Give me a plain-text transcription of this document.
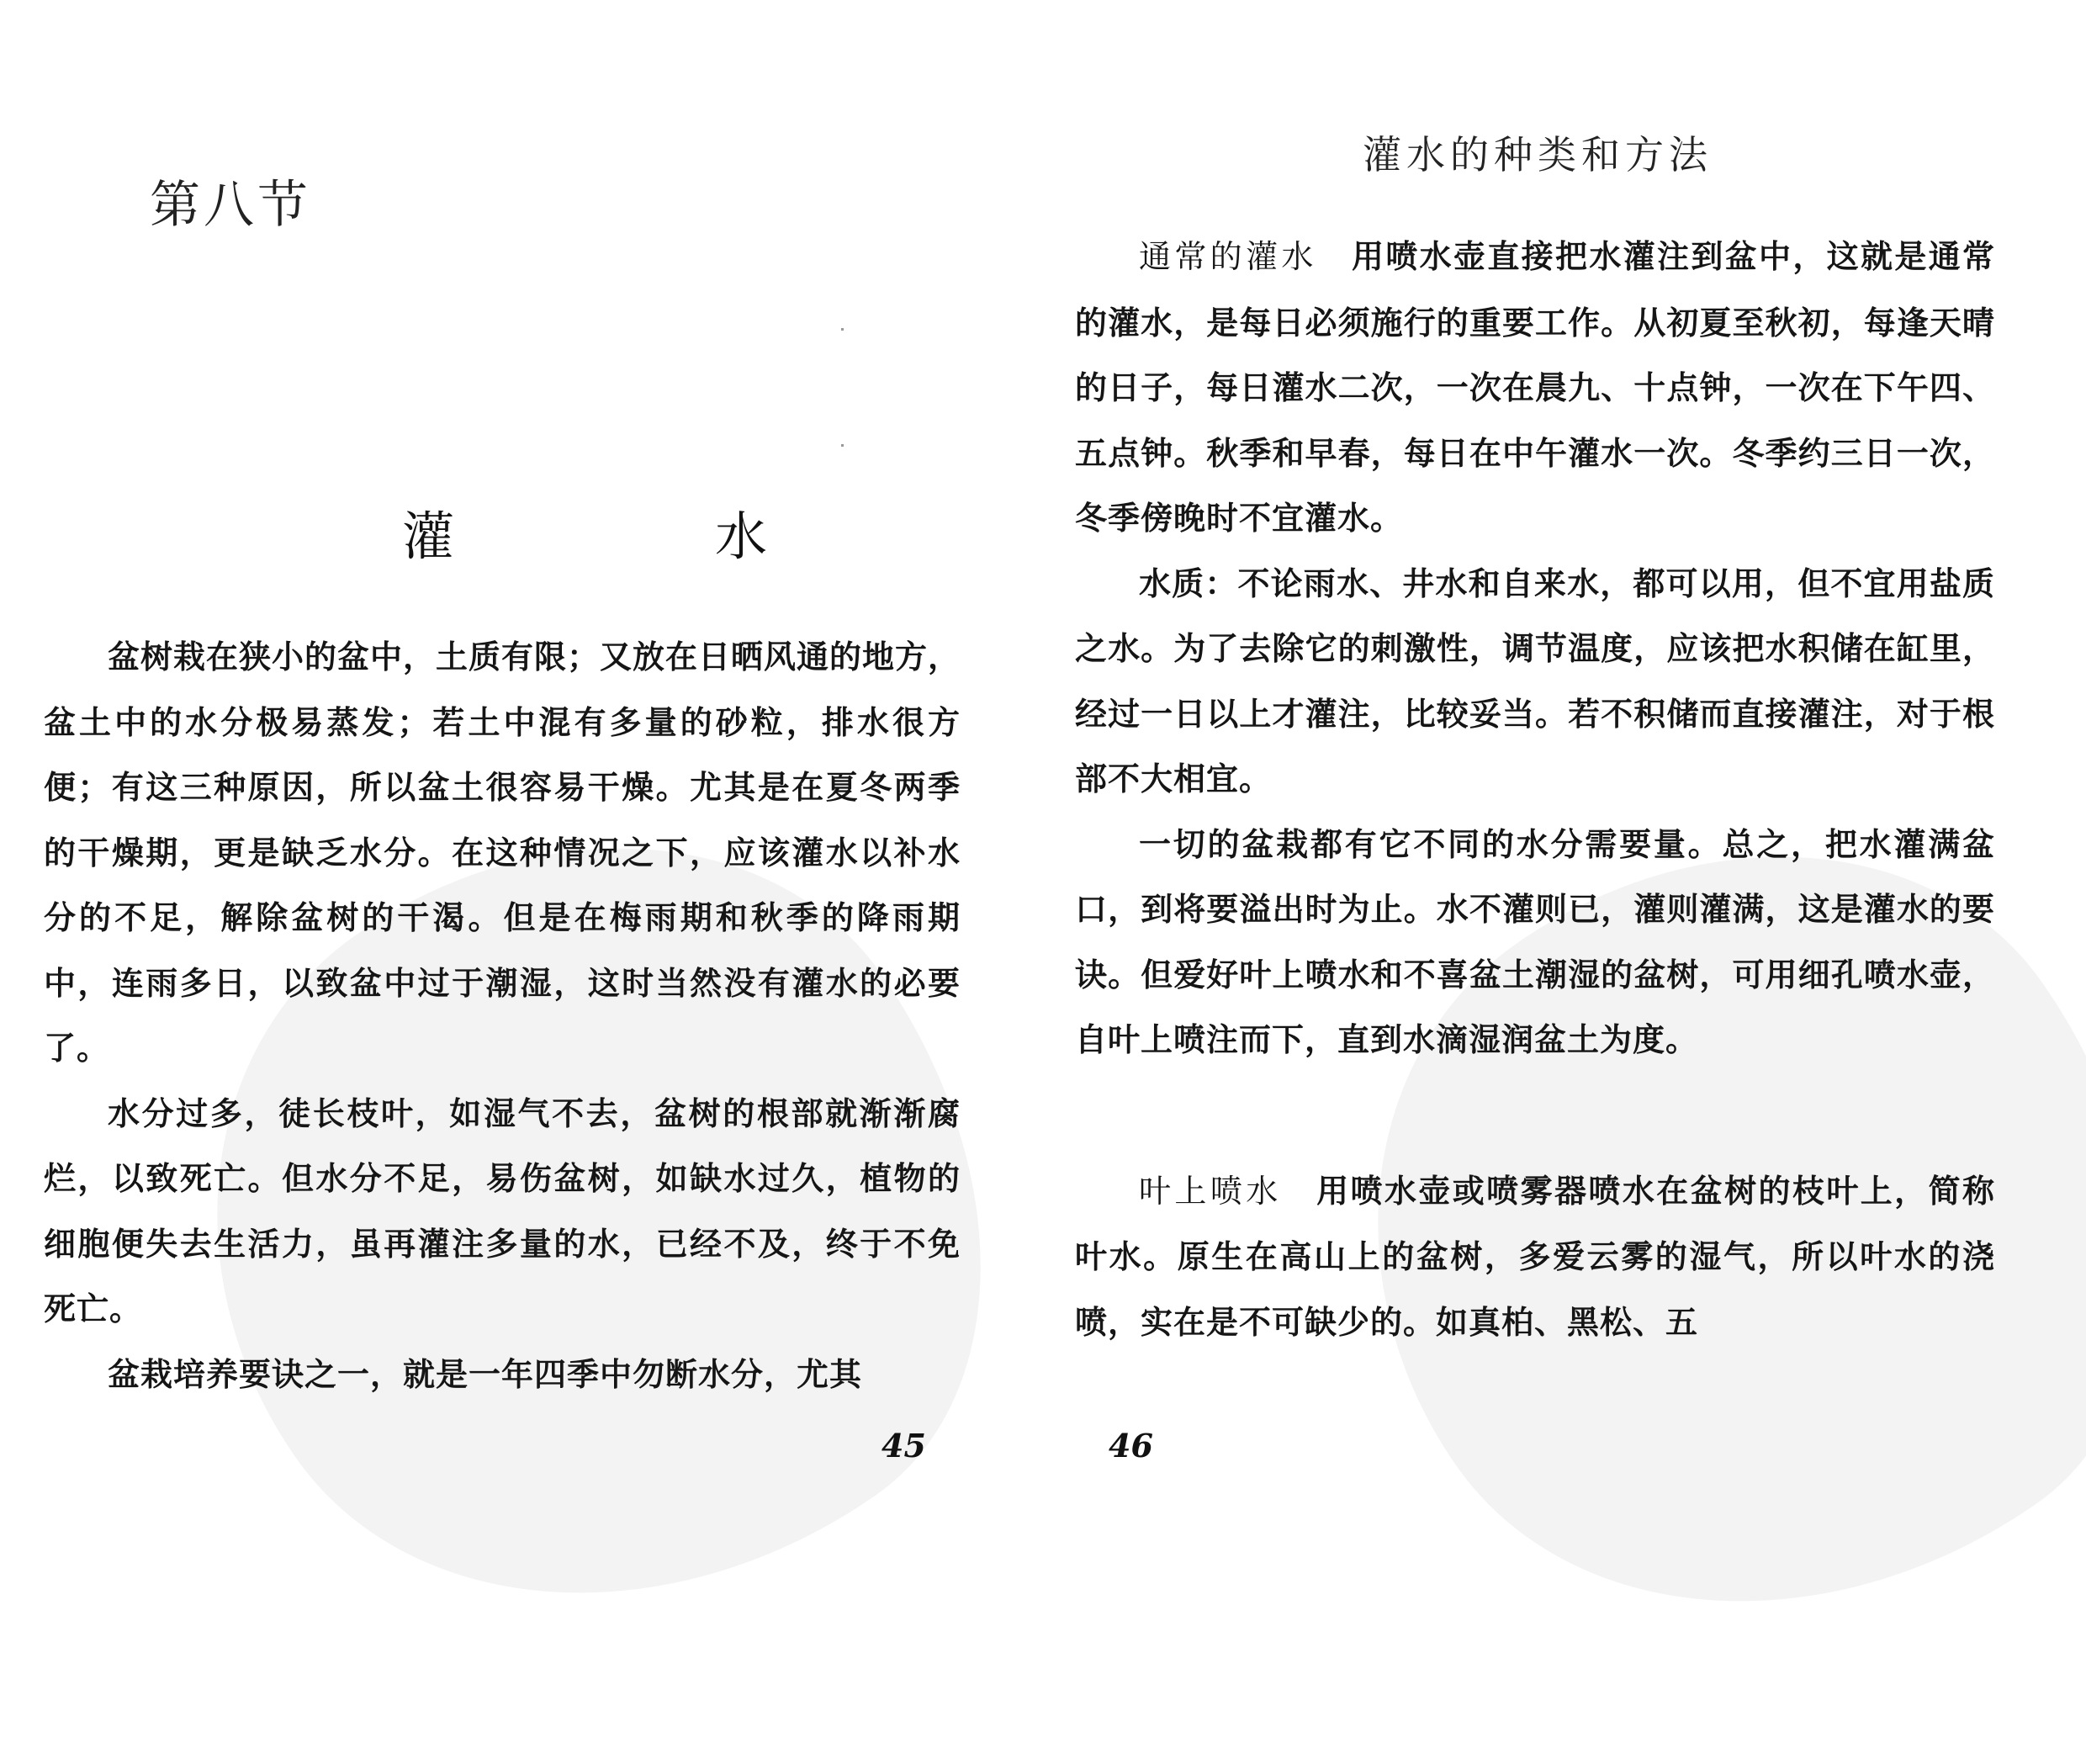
第八节
灌　水

盆树栽在狭小的盆中，土质有限；又放在日晒风通的地方，盆土中的水分极易蒸发；若土中混有多量的砂粒，排水很方便；有这三种原因，所以盆土很容易干燥。尤其是在夏冬两季的干燥期，更是缺乏水分。在这种情况之下，应该灌水以补水分的不足，解除盆树的干渴。但是在梅雨期和秋季的降雨期中，连雨多日，以致盆中过于潮湿，这时当然没有灌水的必要了。

水分过多，徒长枝叶，如湿气不去，盆树的根部就渐渐腐烂，以致死亡。但水分不足，易伤盆树，如缺水过久，植物的细胞便失去生活力，虽再灌注多量的水，已经不及，终于不免死亡。

盆栽培养要诀之一，就是一年四季中勿断水分，尤其

45
灌水的种类和方法

通常的灌水 用喷水壶直接把水灌注到盆中，这就是通常的灌水，是每日必须施行的重要工作。从初夏至秋初，每逢天晴的日子，每日灌水二次，一次在晨九、十点钟，一次在下午四、五点钟。秋季和早春，每日在中午灌水一次。冬季约三日一次，冬季傍晚时不宜灌水。

水质：不论雨水、井水和自来水，都可以用，但不宜用盐质之水。为了去除它的刺激性，调节温度，应该把水积储在缸里，经过一日以上才灌注，比较妥当。若不积储而直接灌注，对于根部不大相宜。

一切的盆栽都有它不同的水分需要量。总之，把水灌满盆口，到将要溢出时为止。水不灌则已，灌则灌满，这是灌水的要诀。但爱好叶上喷水和不喜盆土潮湿的盆树，可用细孔喷水壶，自叶上喷注而下，直到水滴湿润盆土为度。

叶上喷水 用喷水壶或喷雾器喷水在盆树的枝叶上，简称叶水。原生在高山上的盆树，多爱云雾的湿气，所以叶水的浇喷，实在是不可缺少的。如真柏、黑松、五

46
